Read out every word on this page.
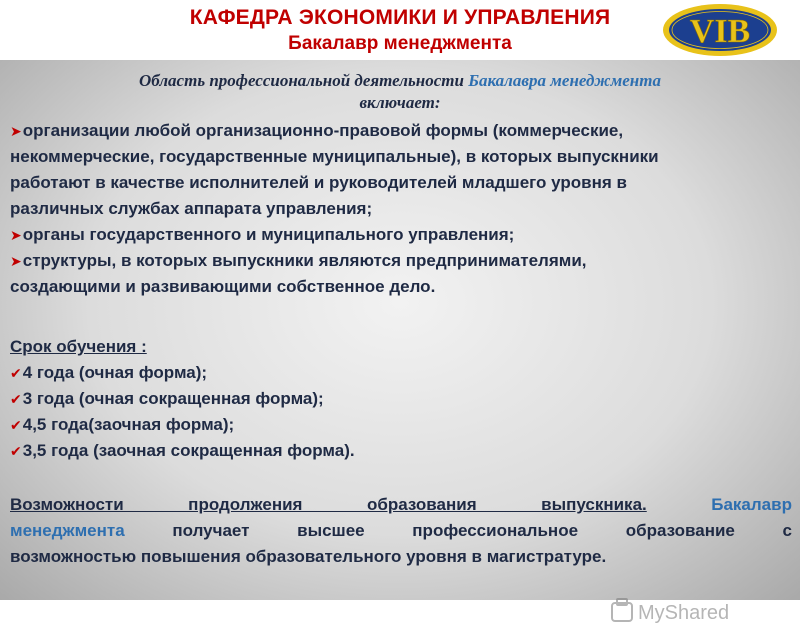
КАФЕДРА ЭКОНОМИКИ И УПРАВЛЕНИЯ
Бакалавр менеджмента	VIB
Область профессиональной деятельности Бакалавра менеджмента
включает:
➤организации любой организационно-правовой формы (коммерческие,
некоммерческие, государственные муниципальные), в которых выпускники
работают в качестве исполнителей и руководителей младшего уровня в
различных службах аппарата управления;
➤органы государственного и муниципального управления;
➤структуры, в которых выпускники являются предпринимателями,
создающими и развивающими собственное дело.
Срок обучения :
✔4 года (очная форма);
✔3 года (очная сокращенная форма);
✔4,5 года(заочная форма);
✔3,5 года (заочная сокращенная форма).
Возможности продолжения образования выпускника.	Бакалавр
менеджмента получает высшее профессиональное образование с
возможностью повышения образовательного уровня в магистратуре.
MyShared
